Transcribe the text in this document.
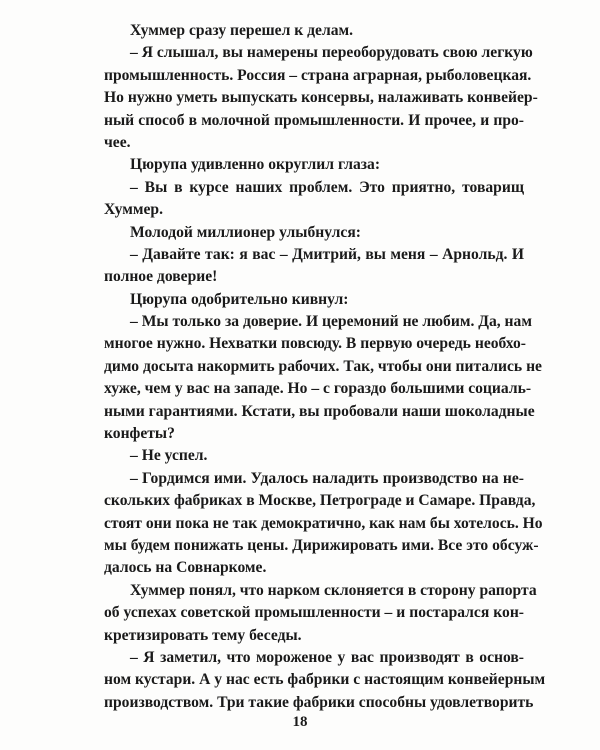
Хуммер сразу перешел к делам.
– Я слышал, вы намерены переоборудовать свою легкую
промышленность. Россия – страна аграрная, рыболовецкая.
Но нужно уметь выпускать консервы, налаживать конвейер-
ный способ в молочной промышленности. И прочее, и про-
чее.
Цюрупа удивленно округлил глаза:
– Вы в курсе наших проблем. Это приятно, товарищ
Хуммер.
Молодой миллионер улыбнулся:
– Давайте так: я вас – Дмитрий, вы меня – Арнольд. И
полное доверие!
Цюрупа одобрительно кивнул:
– Мы только за доверие. И церемоний не любим. Да, нам
многое нужно. Нехватки повсюду. В первую очередь необхо-
димо досыта накормить рабочих. Так, чтобы они питались не
хуже, чем у вас на западе. Но – с гораздо большими социаль-
ными гарантиями. Кстати, вы пробовали наши шоколадные
конфеты?
– Не успел.
– Гордимся ими. Удалось наладить производство на не-
скольких фабриках в Москве, Петрограде и Самаре. Правда,
стоят они пока не так демократично, как нам бы хотелось. Но
мы будем понижать цены. Дирижировать ими. Все это обсуж-
далось на Совнаркоме.
Хуммер понял, что нарком склоняется в сторону рапорта
об успехах советской промышленности – и постарался кон-
кретизировать тему беседы.
– Я заметил, что мороженое у вас производят в основ-
ном кустари. А у нас есть фабрики с настоящим конвейерным
производством. Три такие фабрики способны удовлетворить
18
